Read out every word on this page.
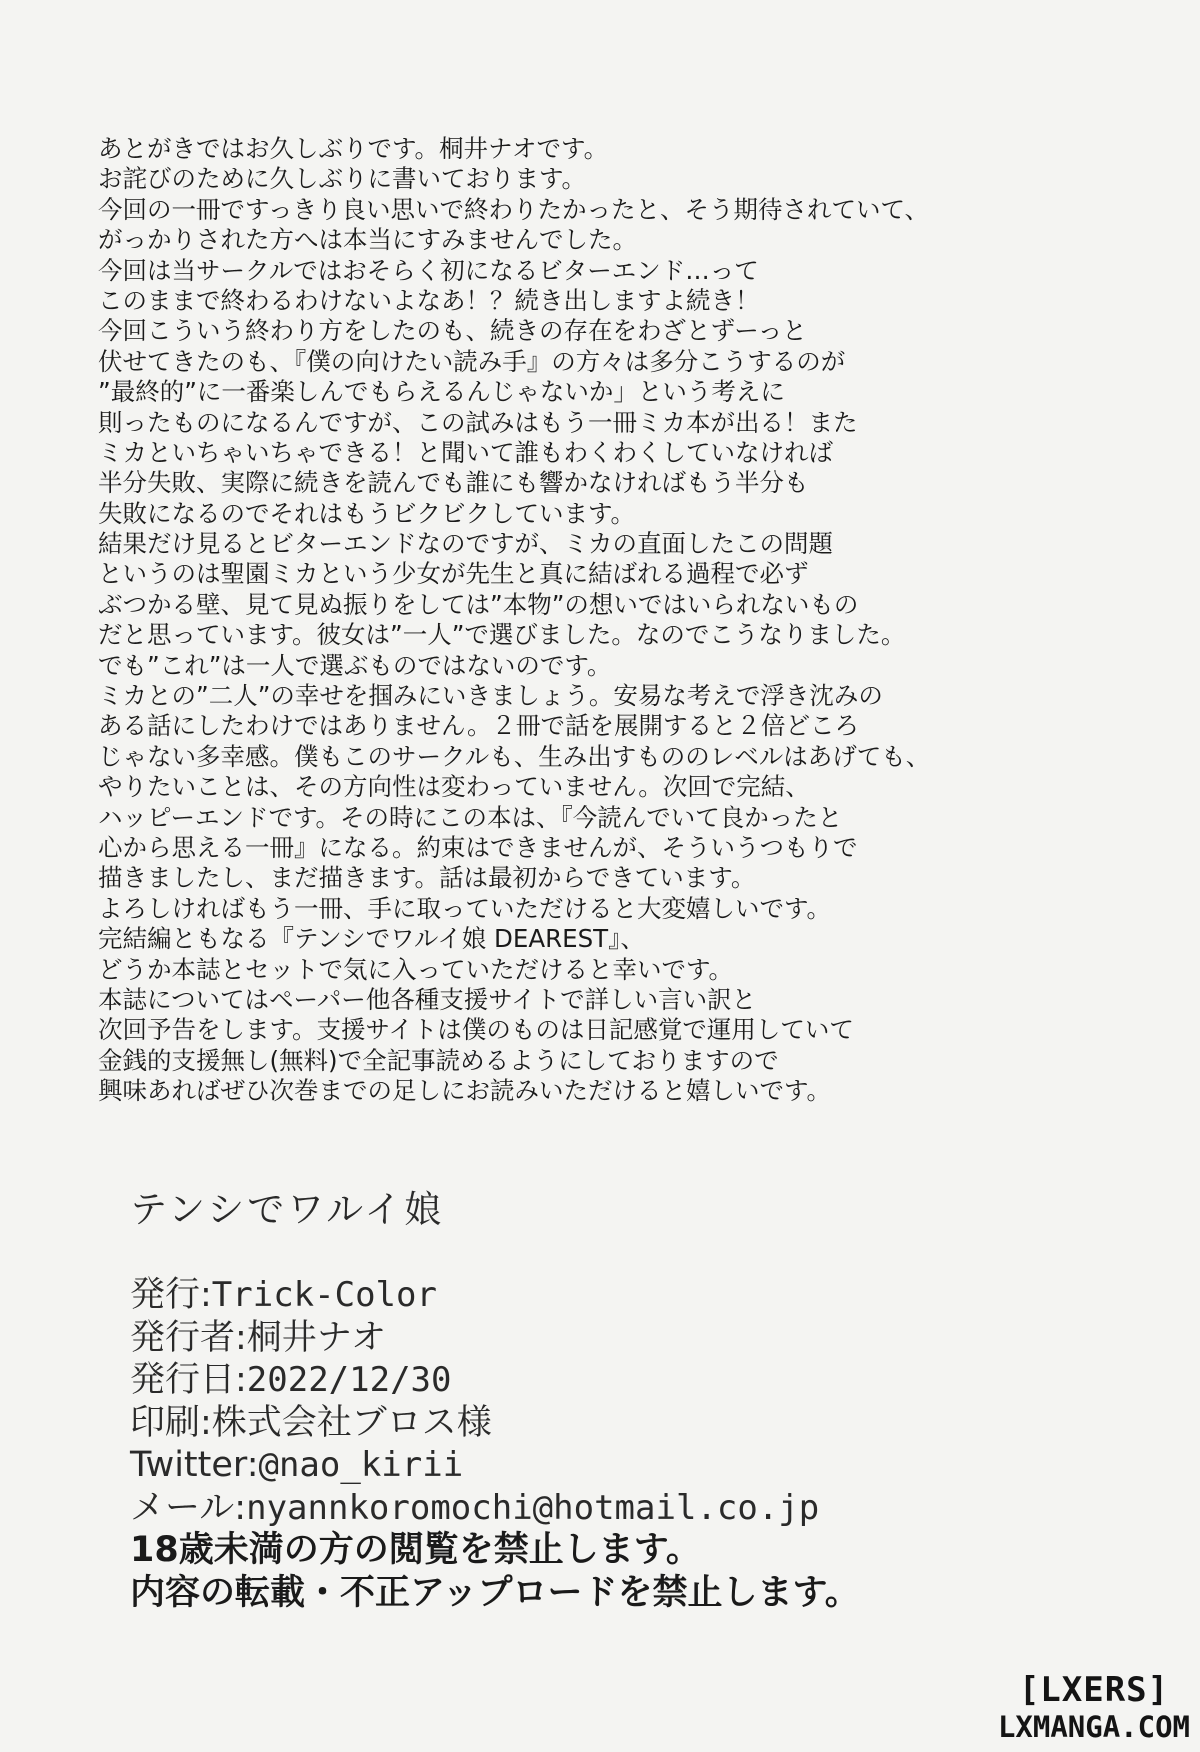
あとがきではお久しぶりです。桐井ナオです。
お詫びのために久しぶりに書いております。
今回の一冊ですっきり良い思いで終わりたかったと、そう期待されていて、
がっかりされた方へは本当にすみませんでした。
今回は当サークルではおそらく初になるビターエンド…って
このままで終わるわけないよなあ！？続き出しますよ続き！
今回こういう終わり方をしたのも、続きの存在をわざとずーっと
伏せてきたのも、『僕の向けたい読み手』の方々は多分こうするのが
”最終的”に一番楽しんでもらえるんじゃないか」という考えに
則ったものになるんですが、この試みはもう一冊ミカ本が出る！また
ミカといちゃいちゃできる！と聞いて誰もわくわくしていなければ
半分失敗、実際に続きを読んでも誰にも響かなければもう半分も
失敗になるのでそれはもうビクビクしています。
結果だけ見るとビターエンドなのですが、ミカの直面したこの問題
というのは聖園ミカという少女が先生と真に結ばれる過程で必ず
ぶつかる壁、見て見ぬ振りをしては”本物”の想いではいられないもの
だと思っています。彼女は”一人”で選びました。なのでこうなりました。
でも”これ”は一人で選ぶものではないのです。
ミカとの”二人”の幸せを掴みにいきましょう。安易な考えで浮き沈みの
ある話にしたわけではありません。２冊で話を展開すると２倍どころ
じゃない多幸感。僕もこのサークルも、生み出すもののレベルはあげても、
やりたいことは、その方向性は変わっていません。次回で完結、
ハッピーエンドです。その時にこの本は、『今読んでいて良かったと
心から思える一冊』になる。約束はできませんが、そういうつもりで
描きましたし、まだ描きます。話は最初からできています。
よろしければもう一冊、手に取っていただけると大変嬉しいです。
完結編ともなる『テンシでワルイ娘 DEAREST』、
どうか本誌とセットで気に入っていただけると幸いです。
本誌についてはペーパー他各種支援サイトで詳しい言い訳と
次回予告をします。支援サイトは僕のものは日記感覚で運用していて
金銭的支援無し(無料)で全記事読めるようにしておりますので
興味あればぜひ次巻までの足しにお読みいただけると嬉しいです。
テンシでワルイ娘
発行:Trick-Color
発行者:桐井ナオ
発行日:2022/12/30
印刷:株式会社ブロス様
Twitter:@nao_kirii
メール:nyannkoromochi@hotmail.co.jp
18歳未満の方の閲覧を禁止します。
内容の転載・不正アップロードを禁止します。
[LXERS]
LXMANGA.COM
